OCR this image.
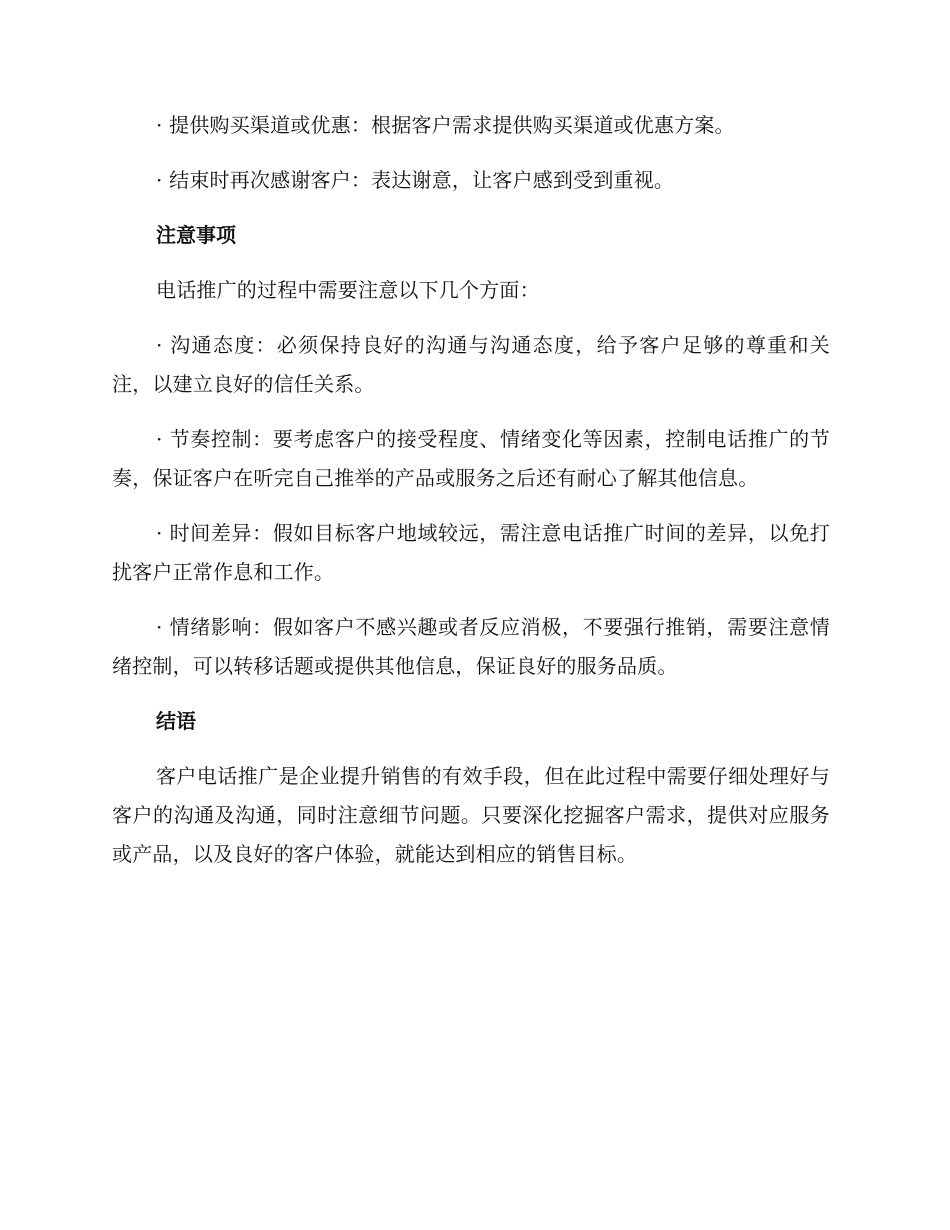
· 提供购买渠道或优惠：根据客户需求提供购买渠道或优惠方案。

· 结束时再次感谢客户：表达谢意，让客户感到受到重视。

注意事项

电话推广的过程中需要注意以下几个方面：

· 沟通态度：必须保持良好的沟通与沟通态度，给予客户足够的尊重和关注，以建立良好的信任关系。

· 节奏控制：要考虑客户的接受程度、情绪变化等因素，控制电话推广的节奏，保证客户在听完自己推举的产品或服务之后还有耐心了解其他信息。

· 时间差异：假如目标客户地域较远，需注意电话推广时间的差异，以免打扰客户正常作息和工作。

· 情绪影响：假如客户不感兴趣或者反应消极，不要强行推销，需要注意情绪控制，可以转移话题或提供其他信息，保证良好的服务品质。

结语

客户电话推广是企业提升销售的有效手段，但在此过程中需要仔细处理好与客户的沟通及沟通，同时注意细节问题。只要深化挖掘客户需求，提供对应服务或产品，以及良好的客户体验，就能达到相应的销售目标。
